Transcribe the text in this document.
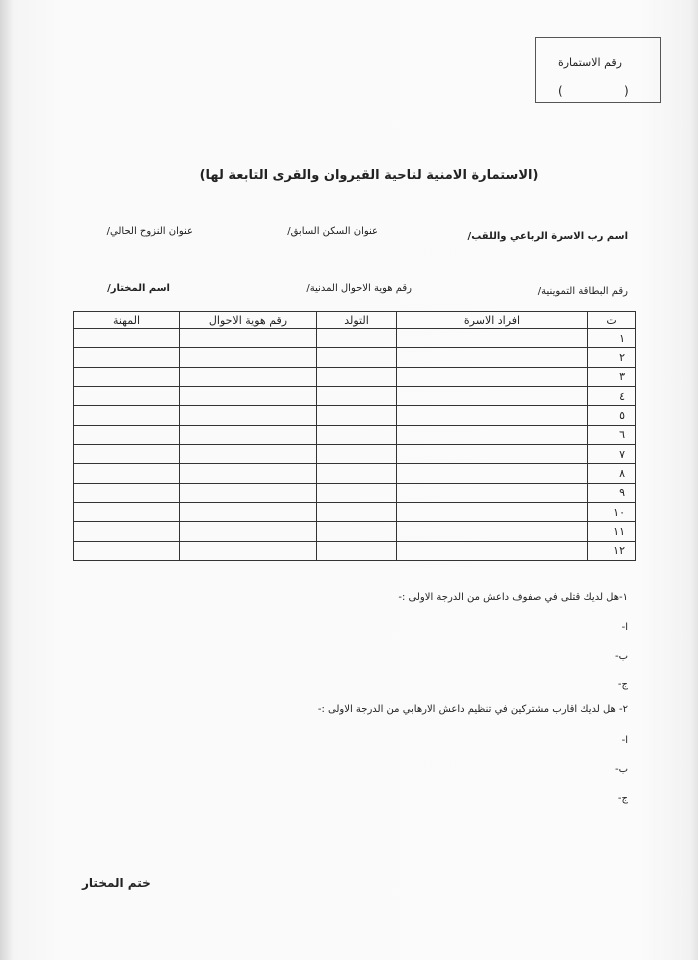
رقم الاستمارة
(	)
(الاستمارة الامنية لناحية القيروان والقرى التابعة لها)
اسم رب الاسرة الرباعي واللقب/
عنوان السكن السابق/
عنوان النزوح الحالي/
رقم البطاقة التموينية/
رقم هوية الاحوال المدنية/
اسم المختار/
ت	افراد الاسرة	التولد	رقم هوية الاحوال	المهنة
١				
٢				
٣				
٤				
٥				
٦				
٧				
٨				
٩				
١٠				
١١				
١٢				
١-هل لديك قتلى في صفوف داعش من الدرجة الاولى :-
ا-
ب-
ج-
٢- هل لديك اقارب مشتركين في تنظيم داعش الارهابي من الدرجة الاولى :-
ا-
ب-
ج-
ختم المختار
